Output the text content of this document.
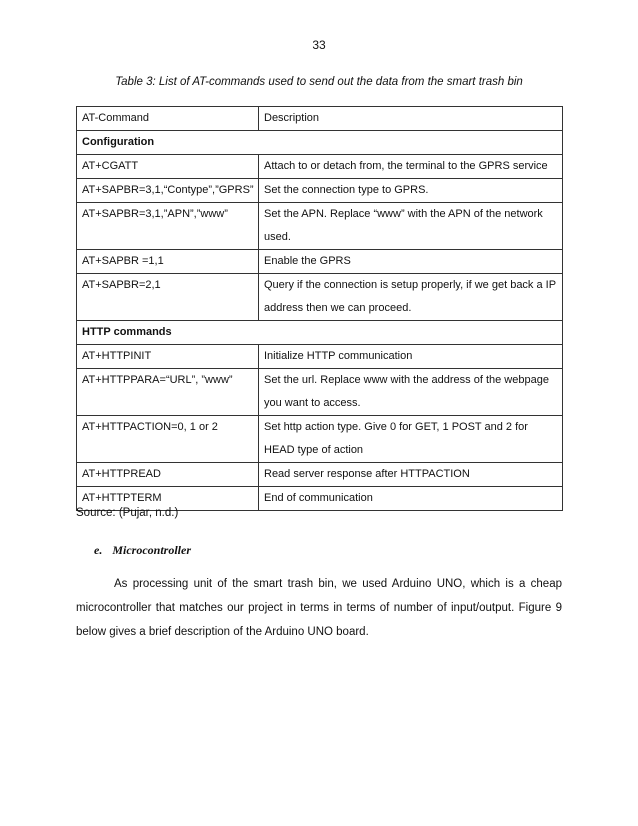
33
Table 3: List of AT-commands used to send out the data from the smart trash bin
AT-Command	Description
Configuration	
AT+CGATT	Attach to or detach from, the terminal to the GPRS service
AT+SAPBR=3,1,“Contype”,”GPRS”	Set the connection type to GPRS.
AT+SAPBR=3,1,”APN”,”www”	Set the APN. Replace “www” with the APN of the network used.
AT+SAPBR =1,1	Enable the GPRS
AT+SAPBR=2,1	Query if the connection is setup properly, if we get back a IP address then we can proceed.
HTTP commands	
AT+HTTPINIT	Initialize HTTP communication
AT+HTTPPARA=“URL”, ”www”	Set the url. Replace www with the address of the webpage you want to access.
AT+HTTPACTION=0, 1 or 2	Set http action type. Give 0 for GET, 1 POST and 2 for HEAD type of action
AT+HTTPREAD	Read server response after HTTPACTION
AT+HTTPTERM	End of communication
Source: (Pujar, n.d.)
e. Microcontroller
As processing unit of the smart trash bin, we used Arduino UNO, which is a cheap microcontroller that matches our project in terms in terms of number of input/output. Figure 9 below gives a brief description of the Arduino UNO board.
